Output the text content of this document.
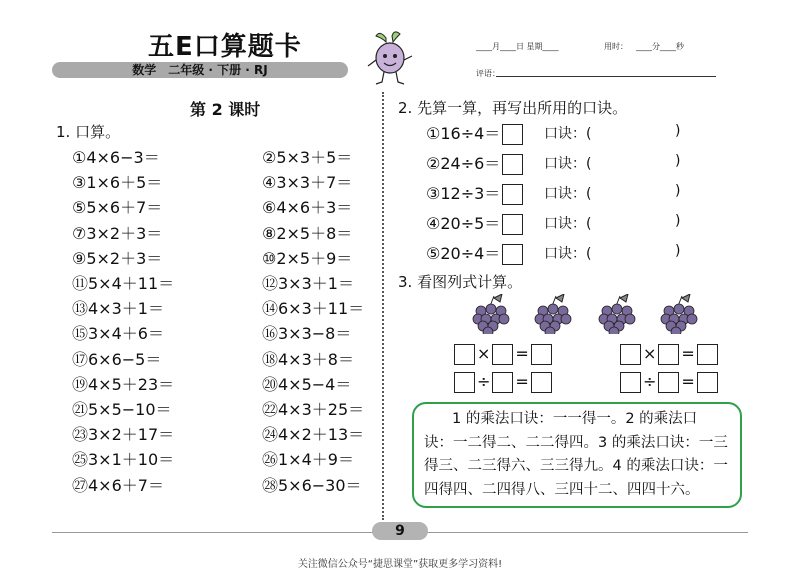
五E口算题卡
数学　二年级 · 下册 · RJ
____月____日 星期____	用时： ____分____秒
评语：
第 2 课时
1. 口算。
①4×6−3＝	②5×3＋5＝
③1×6＋5＝	④3×3＋7＝
⑤5×6＋7＝	⑥4×6＋3＝
⑦3×2＋3＝	⑧2×5＋8＝
⑨5×2＋3＝	⑩2×5＋9＝
⑪5×4＋11＝	⑫3×3＋1＝
⑬4×3＋1＝	⑭6×3＋11＝
⑮3×4＋6＝	⑯3×3−8＝
⑰6×6−5＝	⑱4×3＋8＝
⑲4×5＋23＝	⑳4×5−4＝
㉑5×5−10＝	㉒4×3＋25＝
㉓3×2＋17＝	㉔4×2＋13＝
㉕3×1＋10＝	㉖1×4＋9＝
㉗4×6＋7＝	㉘5×6−30＝
2. 先算一算，再写出所用的口诀。
①16÷4＝	口诀：(	)
②24÷6＝	口诀：(	)
③12÷3＝	口诀：(	)
④20÷5＝	口诀：(	)
⑤20÷4＝	口诀：(	)
3. 看图列式计算。
× =
÷ =
× =
÷ =
1 的乘法口诀：一一得一。2 的乘法口
诀：一二得二、二二得四。3 的乘法口诀：一三
得三、二三得六、三三得九。4 的乘法口诀：一
四得四、二四得八、三四十二、四四十六。
9
关注微信公众号“捷思课堂”获取更多学习资料!
